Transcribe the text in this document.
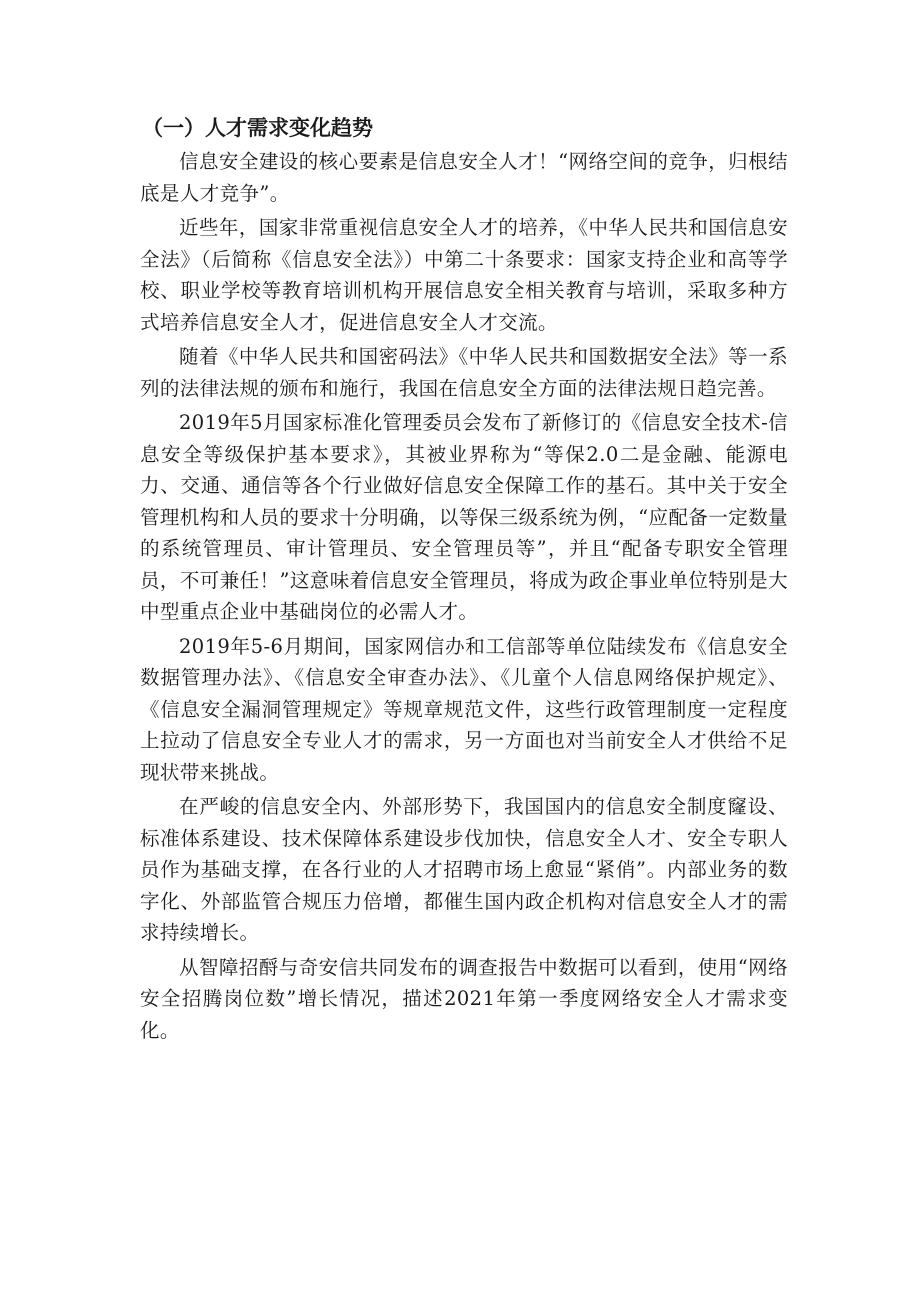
（一）人才需求变化趋势

信息安全建设的核心要素是信息安全人才！“网络空间的竞争，归根结底是人才竞争”。

近些年，国家非常重视信息安全人才的培养，《中华人民共和国信息安全法》（后简称《信息安全法》）中第二十条要求：国家支持企业和高等学校、职业学校等教育培训机构开展信息安全相关教育与培训，采取多种方式培养信息安全人才，促进信息安全人才交流。

随着《中华人民共和国密码法》《中华人民共和国数据安全法》等一系列的法律法规的颁布和施行，我国在信息安全方面的法律法规日趋完善。

2019年5月国家标准化管理委员会发布了新修订的《信息安全技术-信息安全等级保护基本要求》，其被业界称为“等保2.0二是金融、能源电力、交通、通信等各个行业做好信息安全保障工作的基石。其中关于安全管理机构和人员的要求十分明确，以等保三级系统为例，“应配备一定数量的系统管理员、审计管理员、安全管理员等”，并且“配备专职安全管理员，不可兼任！”这意味着信息安全管理员，将成为政企事业单位特别是大中型重点企业中基础岗位的必需人才。

2019年5-6月期间，国家网信办和工信部等单位陆续发布《信息安全数据管理办法》、《信息安全审查办法》、《儿童个人信息网络保护规定》、《信息安全漏洞管理规定》等规章规范文件，这些行政管理制度一定程度上拉动了信息安全专业人才的需求，另一方面也对当前安全人才供给不足现状带来挑战。

在严峻的信息安全内、外部形势下，我国国内的信息安全制度窿设、标准体系建设、技术保障体系建设步伐加快，信息安全人才、安全专职人员作为基础支撑，在各行业的人才招聘市场上愈显“紧俏”。内部业务的数字化、外部监管合规压力倍增，都催生国内政企机构对信息安全人才的需求持续增长。

从智障招酹与奇安信共同发布的调查报告中数据可以看到，使用“网络安全招腾岗位数”增长情况，描述2021年第一季度网络安全人才需求变化。
